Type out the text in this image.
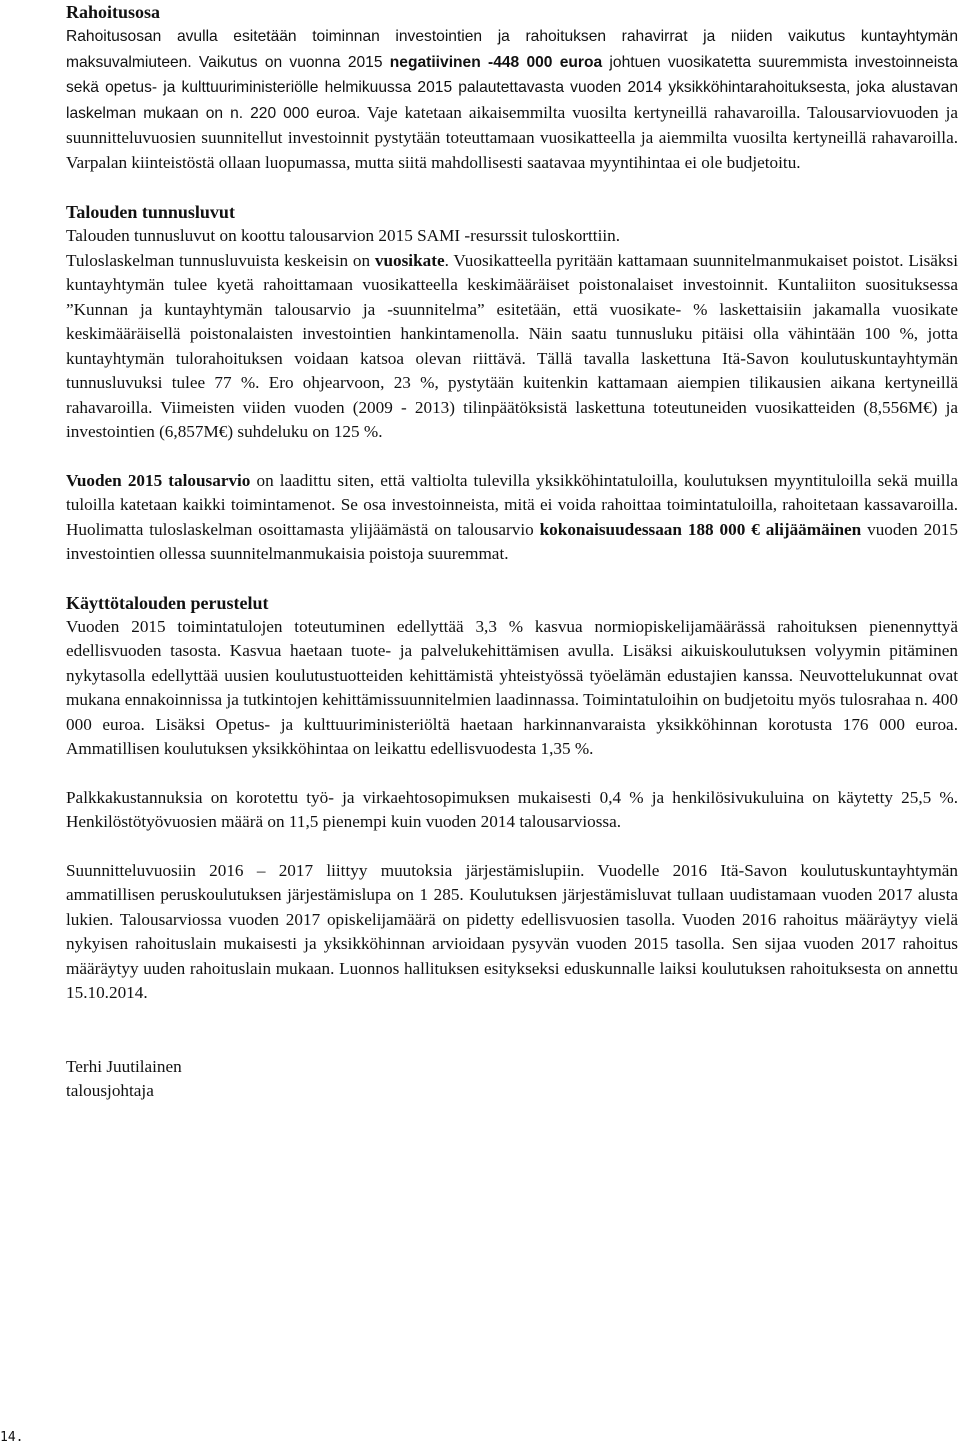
Rahoitusosa

Rahoitusosan avulla esitetään toiminnan investointien ja rahoituksen rahavirrat ja niiden vaikutus kuntayhtymän maksuvalmiuteen. Vaikutus on vuonna 2015 negatiivinen -448 000 euroa johtuen vuosikatetta suuremmista investoinneista sekä opetus- ja kulttuuriministeriölle helmikuussa 2015 palautettavasta vuoden 2014 yksikköhintarahoituksesta, joka alustavan laskelman mukaan on n. 220 000 euroa. Vaje katetaan aikaisemmilta vuosilta kertyneillä rahavaroilla. Talousarviovuoden ja suunnitteluvuosien suunnitellut investoinnit pystytään toteuttamaan vuosikatteella ja aiemmilta vuosilta kertyneillä rahavaroilla. Varpalan kiinteistöstä ollaan luopumassa, mutta siitä mahdollisesti saatavaa myyntihintaa ei ole budjetoitu.

Talouden tunnusluvut

Talouden tunnusluvut on koottu talousarvion 2015 SAMI -resurssit tuloskorttiin.

Tuloslaskelman tunnusluvuista keskeisin on vuosikate. Vuosikatteella pyritään kattamaan suunnitelmanmukaiset poistot. Lisäksi kuntayhtymän tulee kyetä rahoittamaan vuosikatteella keskimääräiset poistonalaiset investoinnit. Kuntaliiton suosituksessa ”Kunnan ja kuntayhtymän talousarvio ja -suunnitelma” esitetään, että vuosikate- % laskettaisiin jakamalla vuosikate keskimääräisellä poistonalaisten investointien hankintamenolla. Näin saatu tunnusluku pitäisi olla vähintään 100 %, jotta kuntayhtymän tulorahoituksen voidaan katsoa olevan riittävä. Tällä tavalla laskettuna Itä-Savon koulutuskuntayhtymän tunnusluvuksi tulee 77 %. Ero ohjearvoon, 23 %, pystytään kuitenkin kattamaan aiempien tilikausien aikana kertyneillä rahavaroilla. Viimeisten viiden vuoden (2009 - 2013) tilinpäätöksistä laskettuna toteutuneiden vuosikatteiden (8,556M€) ja investointien (6,857M€) suhdeluku on 125 %.

Vuoden 2015 talousarvio on laadittu siten, että valtiolta tulevilla yksikköhintatuloilla, koulutuksen myyntituloilla sekä muilla tuloilla katetaan kaikki toimintamenot. Se osa investoinneista, mitä ei voida rahoittaa toimintatuloilla, rahoitetaan kassavaroilla. Huolimatta tuloslaskelman osoittamasta ylijäämästä on talousarvio kokonaisuudessaan 188 000 € alijäämäinen vuoden 2015 investointien ollessa suunnitelmanmukaisia poistoja suuremmat.

Käyttötalouden perustelut

Vuoden 2015 toimintatulojen toteutuminen edellyttää 3,3 % kasvua normiopiskelijamäärässä rahoituksen pienennyttyä edellisvuoden tasosta. Kasvua haetaan tuote- ja palvelukehittämisen avulla. Lisäksi aikuiskoulutuksen volyymin pitäminen nykytasolla edellyttää uusien koulutustuotteiden kehittämistä yhteistyössä työelämän edustajien kanssa. Neuvottelukunnat ovat mukana ennakoinnissa ja tutkintojen kehittämissuunnitelmien laadinnassa. Toimintatuloihin on budjetoitu myös tulosrahaa n. 400 000 euroa. Lisäksi Opetus- ja kulttuuriministeriöltä haetaan harkinnanvaraista yksikköhinnan korotusta 176 000 euroa. Ammatillisen koulutuksen yksikköhintaa on leikattu edellisvuodesta 1,35 %.

Palkkakustannuksia on korotettu työ- ja virkaehtosopimuksen mukaisesti 0,4 % ja henkilösivukuluina on käytetty 25,5 %. Henkilöstötyövuosien määrä on 11,5 pienempi kuin vuoden 2014 talousarviossa.

Suunnitteluvuosiin 2016 – 2017 liittyy muutoksia järjestämislupiin. Vuodelle 2016 Itä-Savon koulutuskuntayhtymän ammatillisen peruskoulutuksen järjestämislupa on 1 285. Koulutuksen järjestämisluvat tullaan uudistamaan vuoden 2017 alusta lukien. Talousarviossa vuoden 2017 opiskelijamäärä on pidetty edellisvuosien tasolla. Vuoden 2016 rahoitus määräytyy vielä nykyisen rahoituslain mukaisesti ja yksikköhinnan arvioidaan pysyvän vuoden 2015 tasolla. Sen sijaa vuoden 2017 rahoitus määräytyy uuden rahoituslain mukaan. Luonnos hallituksen esitykseksi eduskunnalle laiksi koulutuksen rahoituksesta on annettu 15.10.2014.

Terhi Juutilainen

talousjohtaja

14.
